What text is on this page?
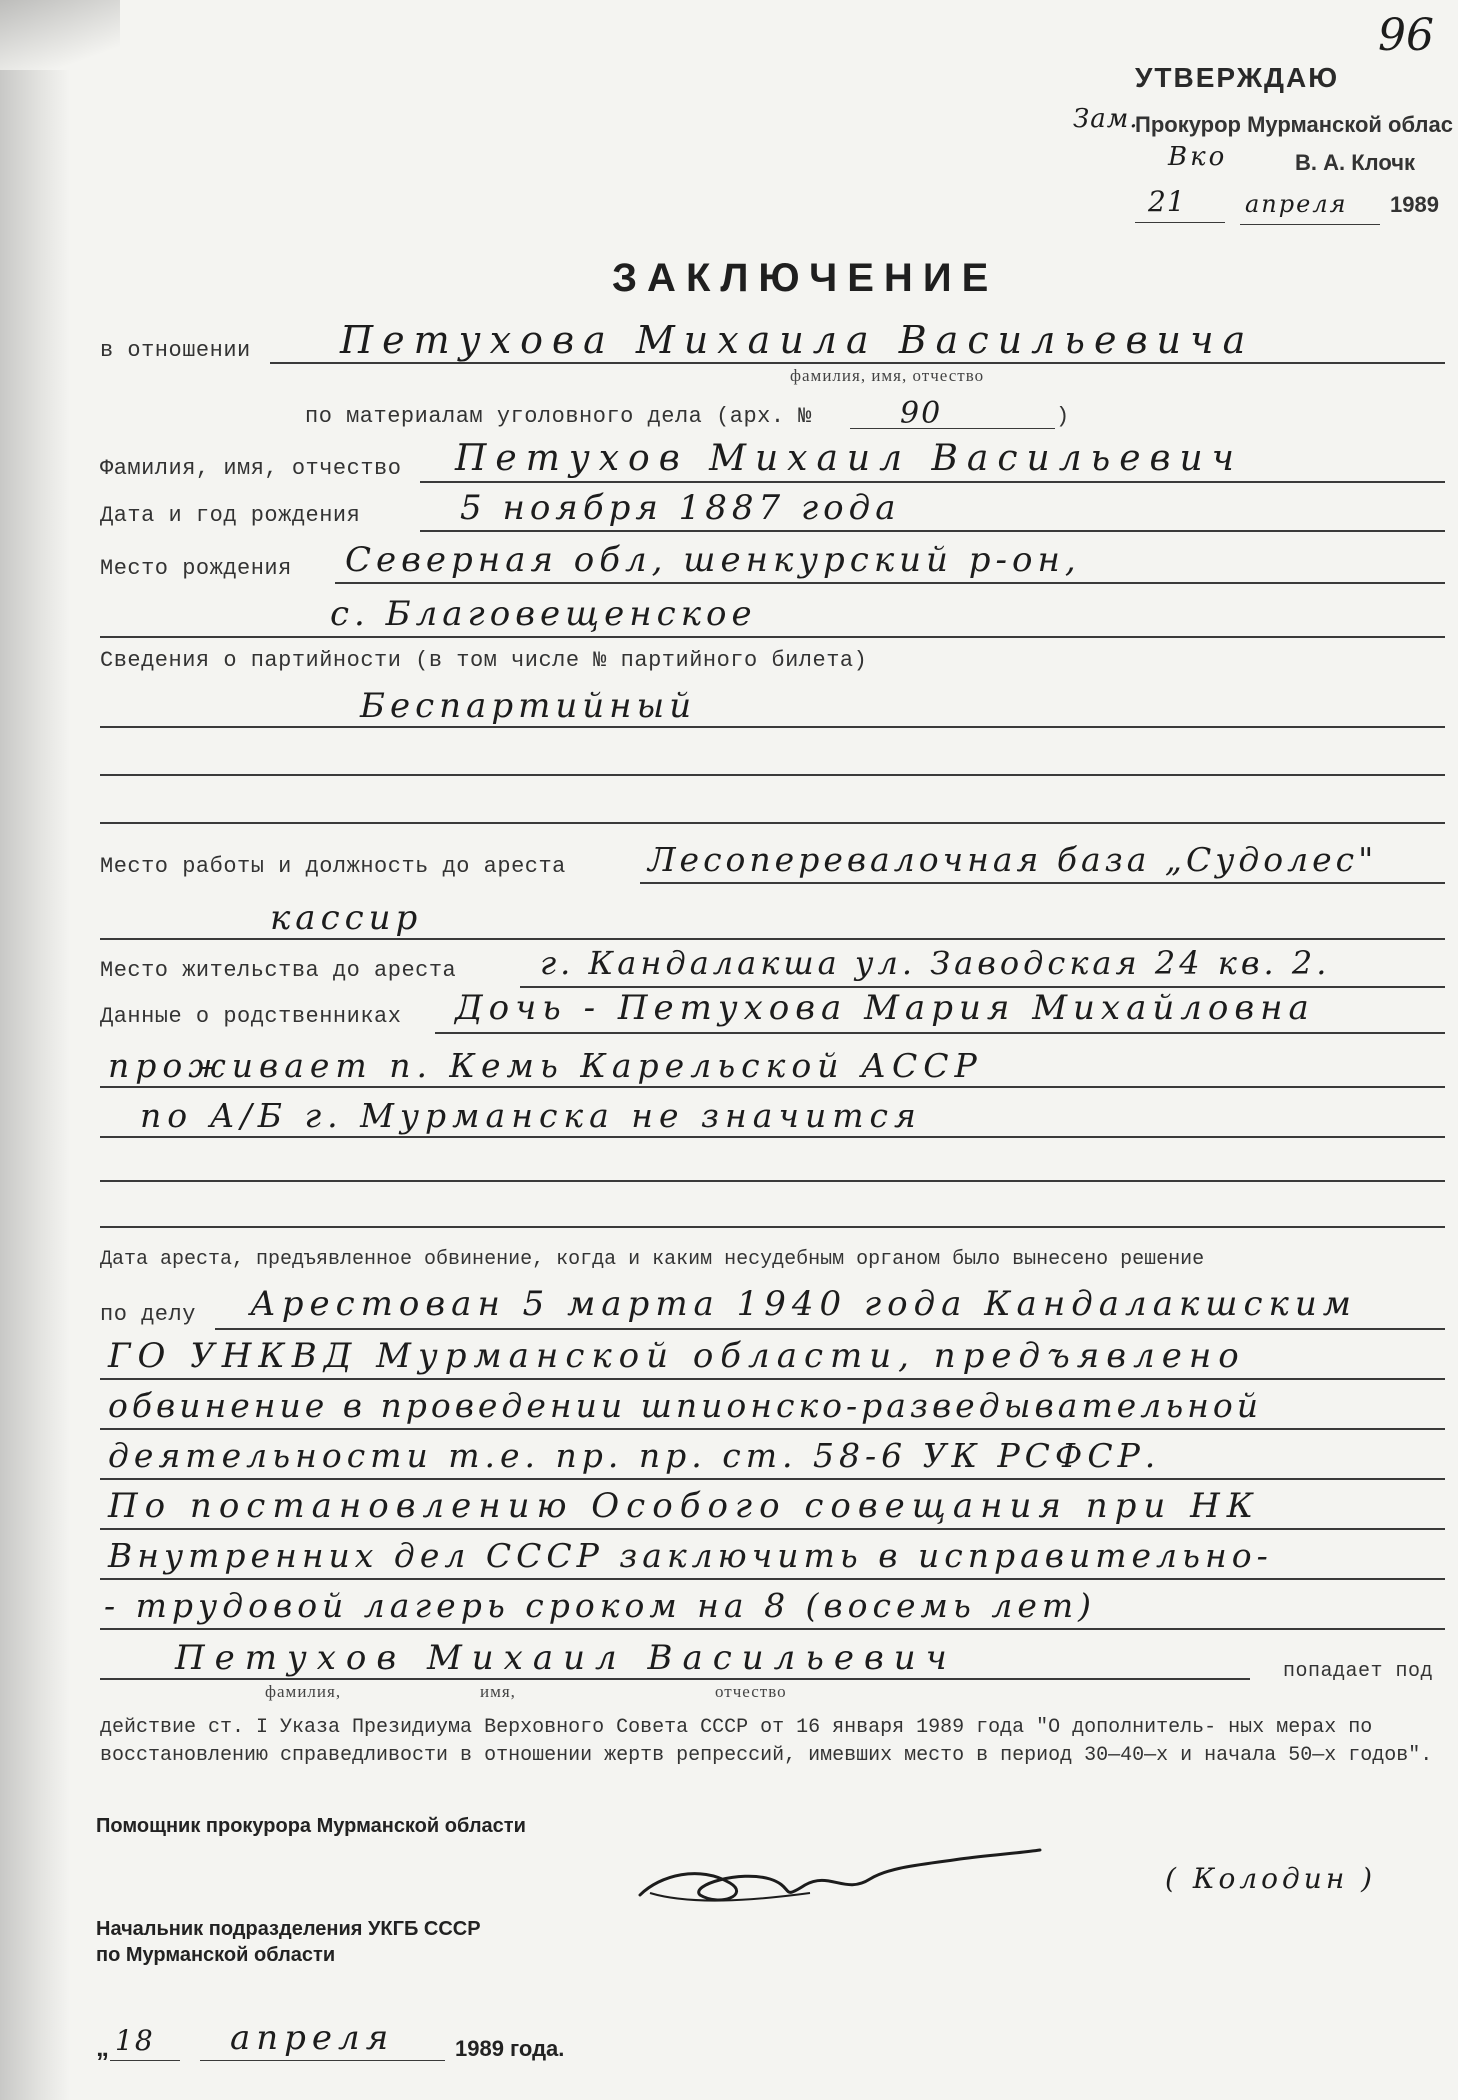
УТВЕРЖДАЮ
Зам.
Прокурор Мурманской облас
Вко	В. А. Клочк
21 апреля 1989
96
ЗАКЛЮЧЕНИЕ
в отношении Петухова Михаила Васильевича
фамилия, имя, отчество
по материалам уголовного дела (арх. №	90	)
Фамилия, имя, отчество Петухов Михаил Васильевич
Дата и год рождения	5 ноября 1887 года
Место рождения Северная обл, шенкурский р-он,
с. Благовещенское
Сведения о партийности (в том числе № партийного билета)
Беспартийный
Место работы и должность до ареста Лесоперевалочная база „Судолес"
кассир
Место жительства до ареста	г. Кандалакша ул. Заводская 24 кв. 2.
Данные о родственниках Дочь - Петухова Мария Михайловна
проживает п. Кемь Карельской АССР
по А/Б г. Мурманска не значится
Дата ареста, предъявленное обвинение, когда и каким несудебным органом было вынесено решение
по делу Арестован 5 марта 1940 года Кандалакшским
ГО УНКВД Мурманской области, предъявлено
обвинение в проведении шпионско-разведывательной
деятельности т.е. пр. пр. ст. 58-6 УК РСФСР.
По постановлению Особого совещания при НК
Внутренних дел СССР заключить в исправительно-
- трудовой лагерь сроком на 8 (восемь лет)
Петухов Михаил Васильевич	попадает под
фамилия,	имя,	отчество
действие ст. I Указа Президиума Верховного Совета СССР от 16 января 1989 года "О дополнитель- ных мерах по восстановлению справедливости в отношении жертв репрессий, имевших место в период 30—40—х и начала 50—х годов".
Помощник прокурора Мурманской области
( Колодин )
Начальник подразделения УКГБ СССР
по Мурманской области
„ 18 апреля	1989 года.
